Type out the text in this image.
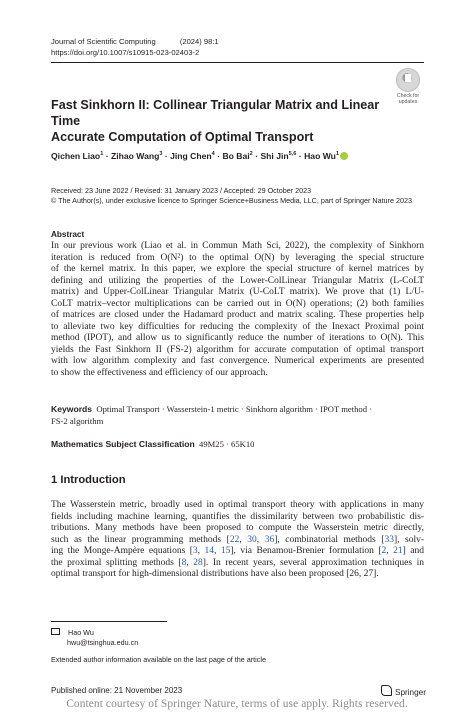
Journal of Scientific Computing	(2024) 98:1
https://doi.org/10.1007/s10915-023-02403-2
Check for
updates
Fast Sinkhorn II: Collinear Triangular Matrix and Linear Time
Accurate Computation of Optimal Transport
Qichen Liao$^1$ · Zihao Wang$^3$ · Jing Chen$^4$ · Bo Bai$^2$ · Shi Jin$^{5,6}$ · Hao Wu$^1$
Received: 23 June 2022 / Revised: 31 January 2023 / Accepted: 29 October 2023
© The Author(s), under exclusive licence to Springer Science+Business Media, LLC, part of Springer Nature 2023
Abstract
In our previous work (Liao et al. in Commun Math Sci, 2022), the complexity of Sinkhorn
iteration is reduced from O(N²) to the optimal O(N) by leveraging the special structure
of the kernel matrix. In this paper, we explore the special structure of kernel matrices by
defining and utilizing the properties of the Lower-ColLinear Triangular Matrix (L-CoLT
matrix) and Upper-ColLinear Triangular Matrix (U-CoLT matrix). We prove that (1) L/U-
CoLT matrix–vector multiplications can be carried out in O(N) operations; (2) both families
of matrices are closed under the Hadamard product and matrix scaling. These properties help
to alleviate two key difficulties for reducing the complexity of the Inexact Proximal point
method (IPOT), and allow us to significantly reduce the number of iterations to O(N). This
yields the Fast Sinkhorn II (FS-2) algorithm for accurate computation of optimal transport
with low algorithm complexity and fast convergence. Numerical experiments are presented
to show the effectiveness and efficiency of our approach.
Keywords Optimal Transport · Wasserstein-1 metric · Sinkhorn algorithm · IPOT method ·
FS-2 algorithm
Mathematics Subject Classification 49M25 · 65K10
1 Introduction
The Wasserstein metric, broadly used in optimal transport theory with applications in many
fields including machine learning, quantifies the dissimilarity between two probabilistic dis-
tributions. Many methods have been proposed to compute the Wasserstein metric directly,
such as the linear programming methods [22, 30, 36], combinatorial methods [33], solv-
ing the Monge-Ampère equations [3, 14, 15], via Benamou-Brenier formulation [2, 21] and
the proximal splitting methods [8, 28]. In recent years, several approximation techniques in
optimal transport for high-dimensional distributions have also been proposed [26, 27].
Hao Wu
hwu@tsinghua.edu.cn
Extended author information available on the last page of the article
Published online: 21 November 2023	Springer
Content courtesy of Springer Nature, terms of use apply. Rights reserved.
